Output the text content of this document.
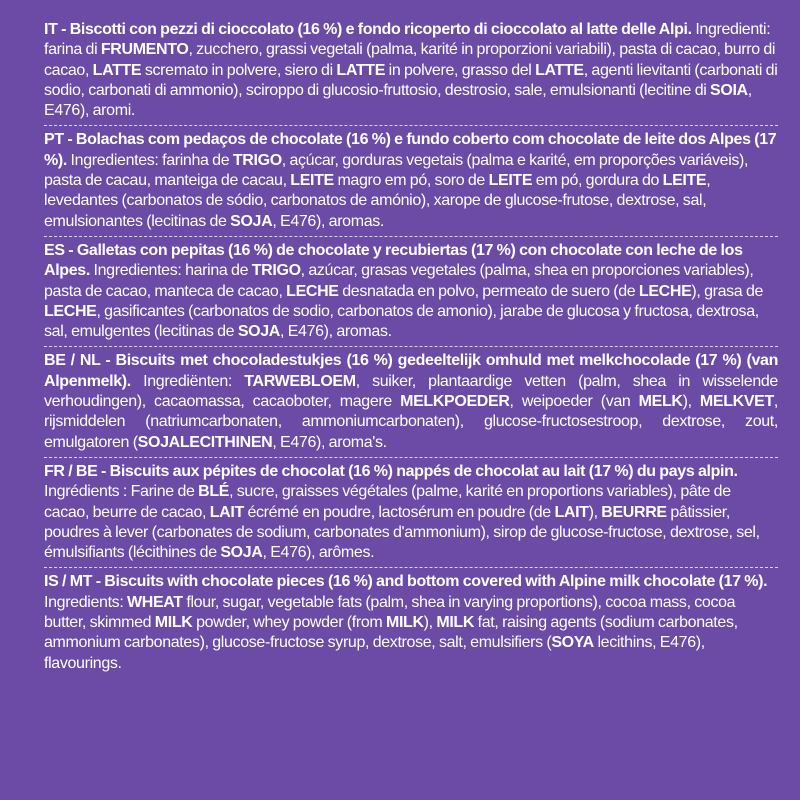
IT - Biscotti con pezzi di cioccolato (16 %) e fondo ricoperto di cioccolato al latte delle Alpi. Ingredienti: farina di FRUMENTO, zucchero, grassi vegetali (palma, karité in proporzioni variabili), pasta di cacao, burro di cacao, LATTE scremato in polvere, siero di LATTE in polvere, grasso del LATTE, agenti lievitanti (carbonati di sodio, carbonati di ammonio), sciroppo di glucosio-fruttosio, destrosio, sale, emulsionanti (lecitine di SOIA, E476), aromi.

PT - Bolachas com pedaços de chocolate (16 %) e fundo coberto com chocolate de leite dos Alpes (17 %). Ingredientes: farinha de TRIGO, açúcar, gorduras vegetais (palma e karité, em proporções variáveis), pasta de cacau, manteiga de cacau, LEITE magro em pó, soro de LEITE em pó, gordura do LEITE, levedantes (carbonatos de sódio, carbonatos de amónio), xarope de glucose-frutose, dextrose, sal, emulsionantes (lecitinas de SOJA, E476), aromas.

ES - Galletas con pepitas (16 %) de chocolate y recubiertas (17 %) con chocolate con leche de los Alpes. Ingredientes: harina de TRIGO, azúcar, grasas vegetales (palma, shea en proporciones variables), pasta de cacao, manteca de cacao, LECHE desnatada en polvo, permeato de suero (de LECHE), grasa de LECHE, gasificantes (carbonatos de sodio, carbonatos de amonio), jarabe de glucosa y fructosa, dextrosa, sal, emulgentes (lecitinas de SOJA, E476), aromas.

BE / NL - Biscuits met chocoladestukjes (16 %) gedeeltelijk omhuld met melkchocolade (17 %) (van Alpenmelk). Ingrediënten: TARWEBLOEM, suiker, plantaardige vetten (palm, shea in wisselende verhoudingen), cacaomassa, cacaoboter, magere MELKPOEDER, weipoeder (van MELK), MELKVET, rijsmiddelen (natriumcarbonaten, ammoniumcarbonaten), glucose-fructosestroop, dextrose, zout, emulgatoren (SOJALECITHINEN, E476), aroma's.

FR / BE - Biscuits aux pépites de chocolat (16 %) nappés de chocolat au lait (17 %) du pays alpin. Ingrédients : Farine de BLÉ, sucre, graisses végétales (palme, karité en proportions variables), pâte de cacao, beurre de cacao, LAIT écrémé en poudre, lactosérum en poudre (de LAIT), BEURRE pâtissier, poudres à lever (carbonates de sodium, carbonates d'ammonium), sirop de glucose-fructose, dextrose, sel, émulsifiants (lécithines de SOJA, E476), arômes.

IS / MT - Biscuits with chocolate pieces (16 %) and bottom covered with Alpine milk chocolate (17 %). Ingredients: WHEAT flour, sugar, vegetable fats (palm, shea in varying proportions), cocoa mass, cocoa butter, skimmed MILK powder, whey powder (from MILK), MILK fat, raising agents (sodium carbonates, ammonium carbonates), glucose-fructose syrup, dextrose, salt, emulsifiers (SOYA lecithins, E476), flavourings.
